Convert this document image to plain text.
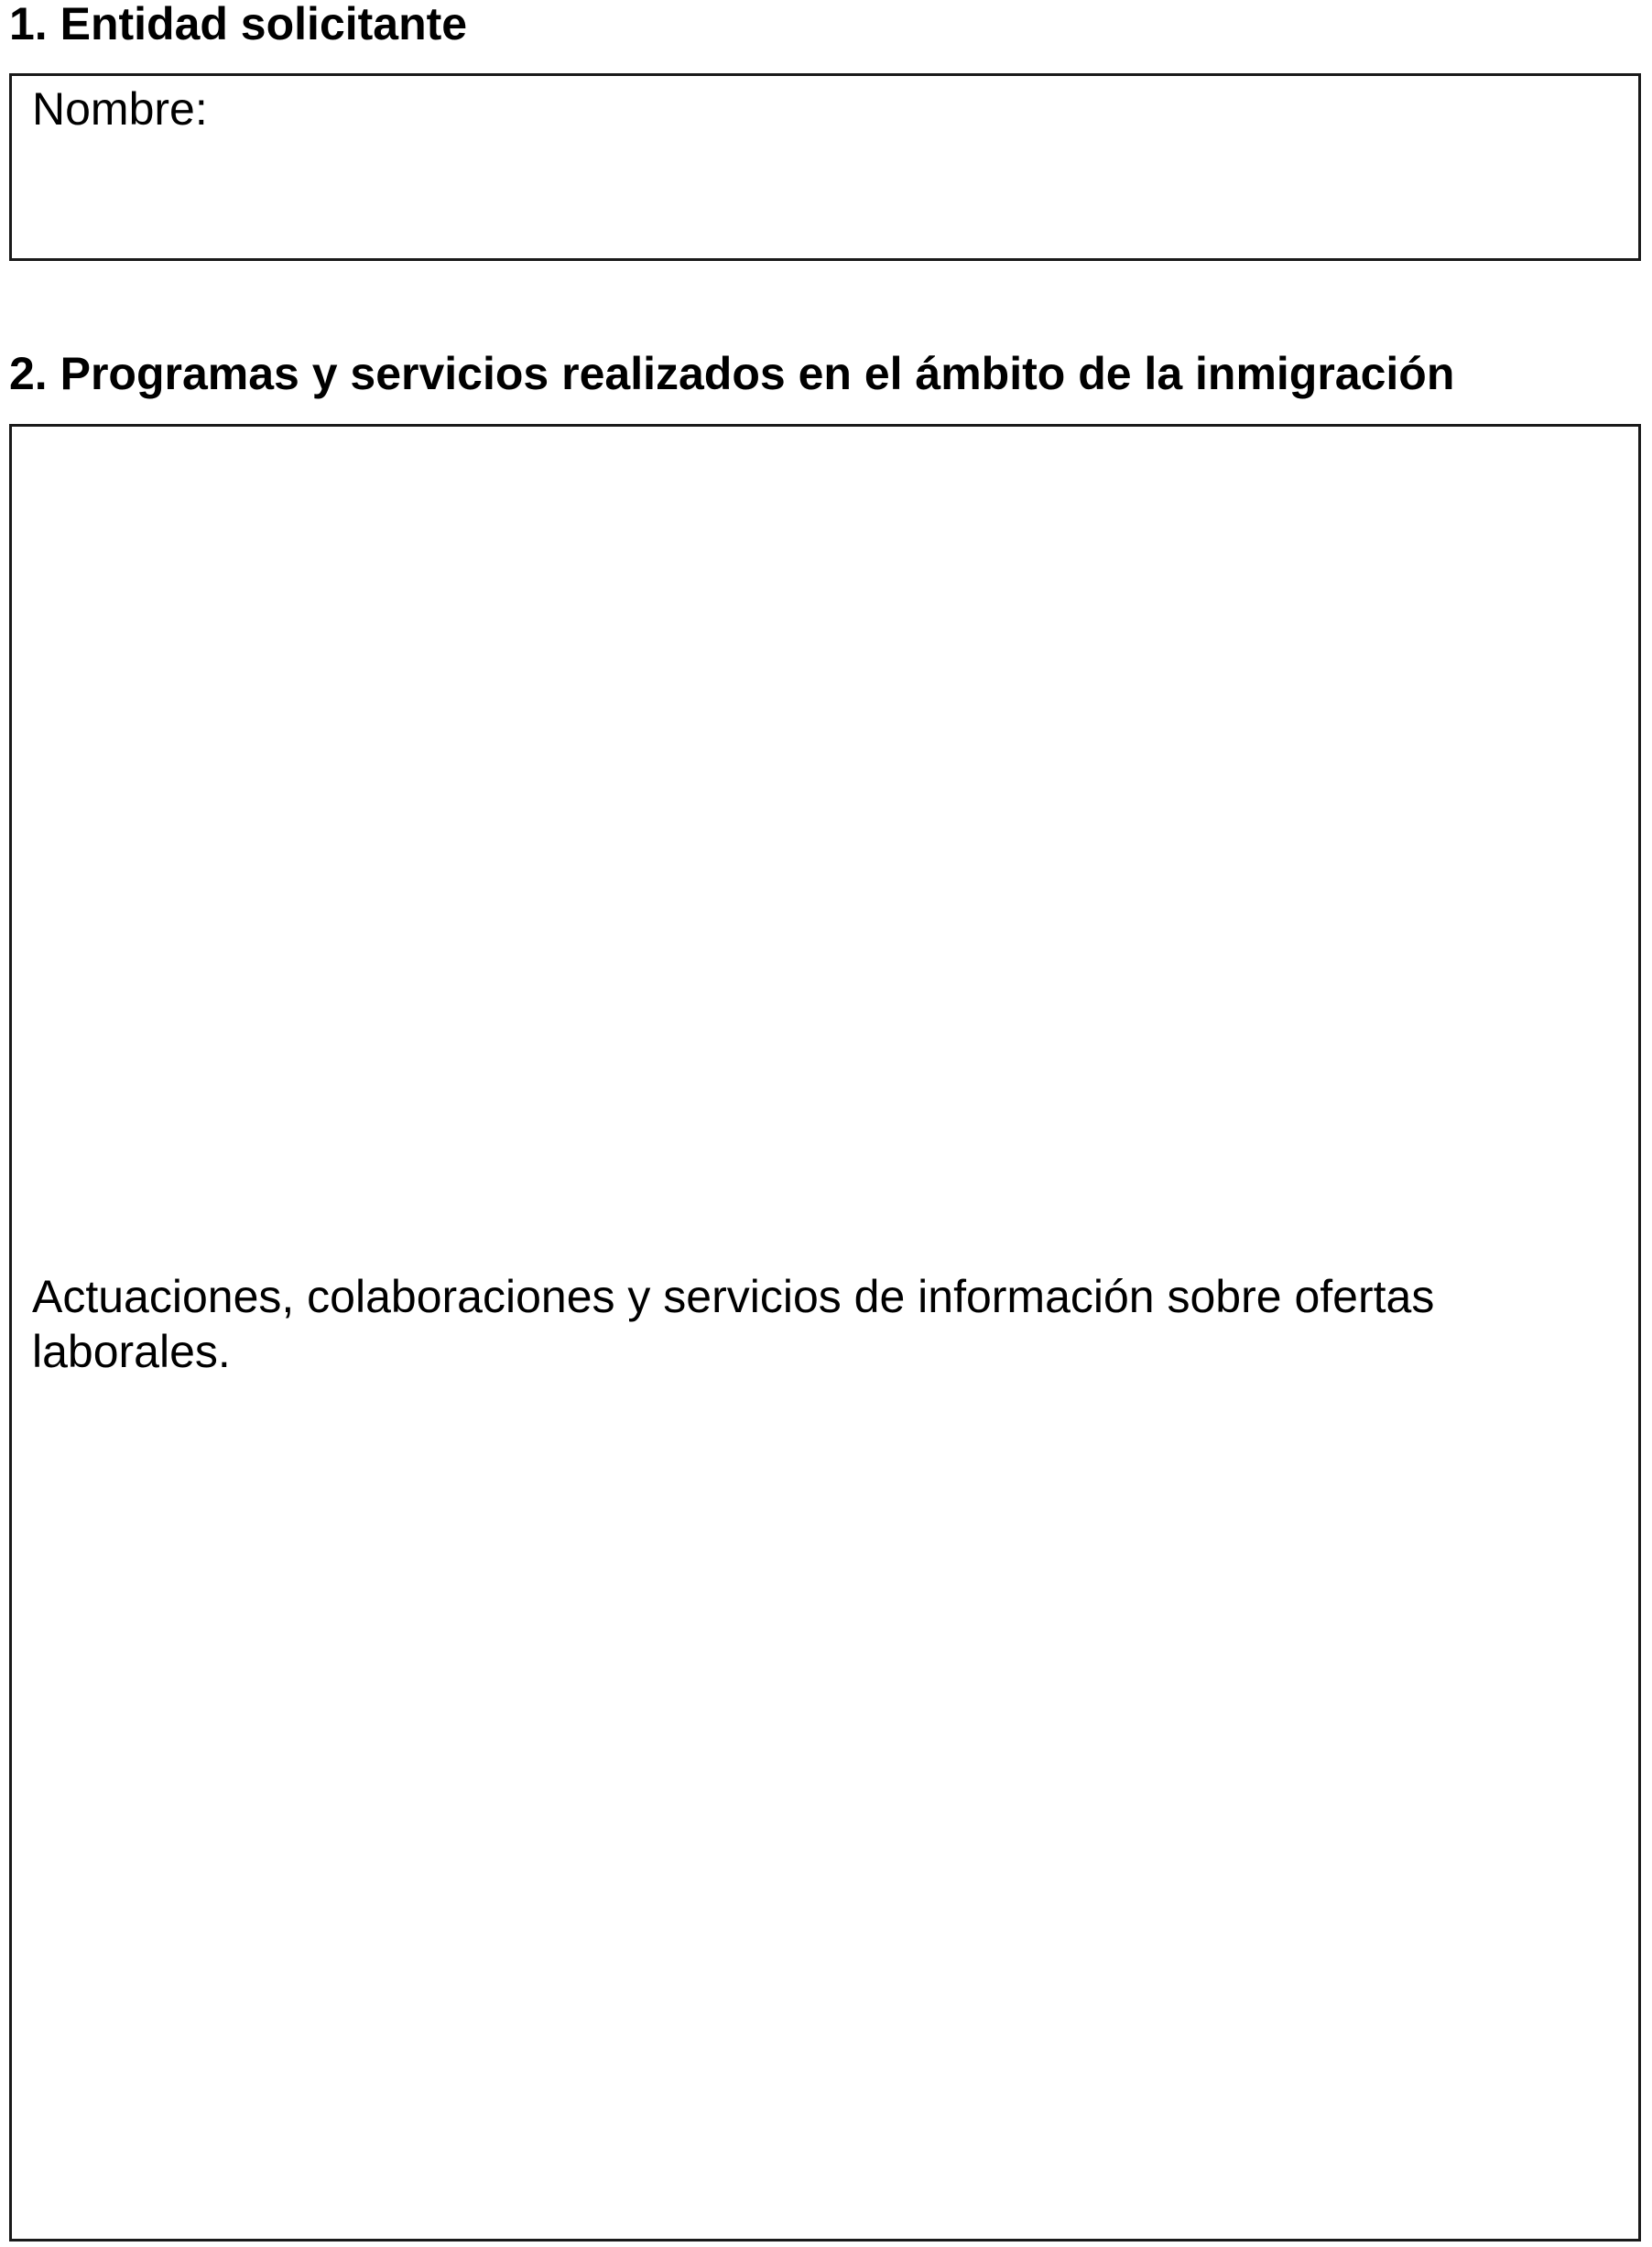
1. Entidad solicitante

Nombre:

2. Programas y servicios realizados en el ámbito de la inmigración

Actuaciones, colaboraciones y servicios de información sobre ofertas
laborales.
